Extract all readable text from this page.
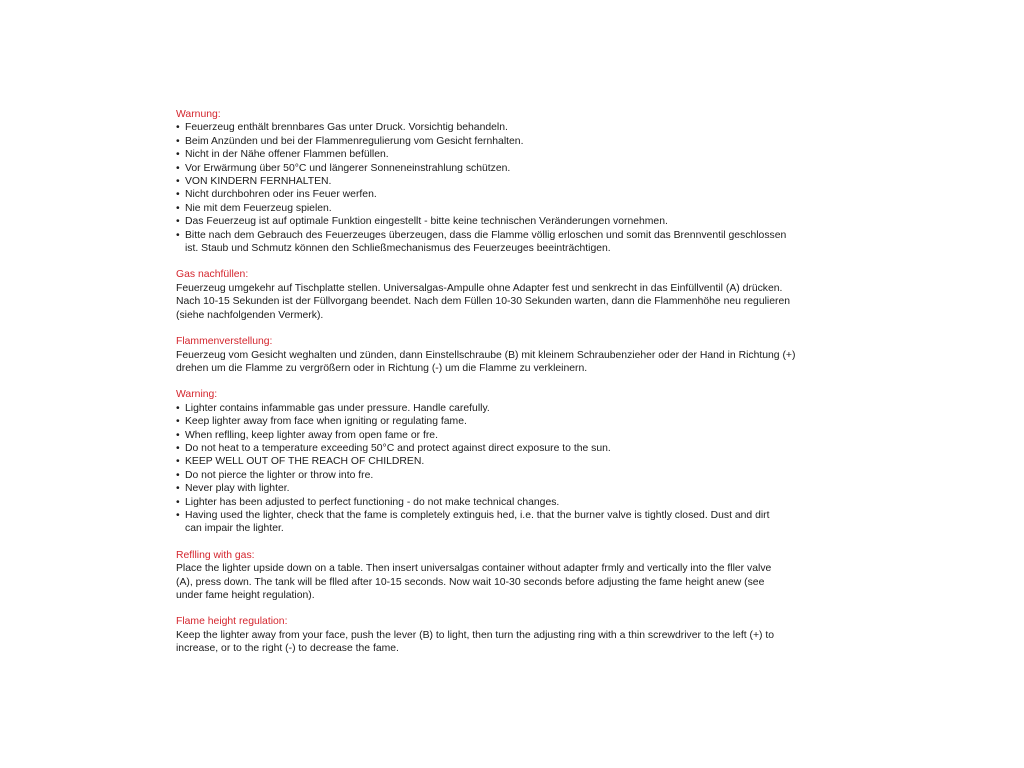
Warnung:
• Feuerzeug enthält brennbares Gas unter Druck. Vorsichtig behandeln.
• Beim Anzünden und bei der Flammenregulierung vom Gesicht fernhalten.
• Nicht in der Nähe offener Flammen befüllen.
• Vor Erwärmung über 50°C und längerer Sonneneinstrahlung schützen.
• VON KINDERN FERNHALTEN.
• Nicht durchbohren oder ins Feuer werfen.
• Nie mit dem Feuerzeug spielen.
• Das Feuerzeug ist auf optimale Funktion eingestellt - bitte keine technischen Veränderungen vornehmen.
• Bitte nach dem Gebrauch des Feuerzeuges überzeugen, dass die Flamme völlig erloschen und somit das Brennventil geschlossen
ist. Staub und Schmutz können den Schließmechanismus des Feuerzeuges beeinträchtigen.
Gas nachfüllen:

Feuerzeug umgekehr auf Tischplatte stellen. Universalgas-Ampulle ohne Adapter fest und senkrecht in das Einfüllventil (A) drücken.
Nach 10-15 Sekunden ist der Füllvorgang beendet. Nach dem Füllen 10-30 Sekunden warten, dann die Flammenhöhe neu regulieren
(siehe nachfolgenden Vermerk).

Flammenverstellung:

Feuerzeug vom Gesicht weghalten und zünden, dann Einstellschraube (B) mit kleinem Schraubenzieher oder der Hand in Richtung (+)
drehen um die Flamme zu vergrößern oder in Richtung (-) um die Flamme zu verkleinern.

Warning:
• Lighter contains infammable gas under pressure. Handle carefully.
• Keep lighter away from face when igniting or regulating fame.
• When reflling, keep lighter away from open fame or fre.
• Do not heat to a temperature exceeding 50°C and protect against direct exposure to the sun.
• KEEP WELL OUT OF THE REACH OF CHILDREN.
• Do not pierce the lighter or throw into fre.
• Never play with lighter.
• Lighter has been adjusted to perfect functioning - do not make technical changes.
• Having used the lighter, check that the fame is completely extinguis hed, i.e. that the burner valve is tightly closed. Dust and dirt
can impair the lighter.
Reflling with gas:

Place the lighter upside down on a table. Then insert universalgas container without adapter frmly and vertically into the fller valve
(A), press down. The tank will be flled after 10-15 seconds. Now wait 10-30 seconds before adjusting the fame height anew (see
under fame height regulation).

Flame height regulation:

Keep the lighter away from your face, push the lever (B) to light, then turn the adjusting ring with a thin screwdriver to the left (+) to
increase, or to the right (-) to decrease the fame.
